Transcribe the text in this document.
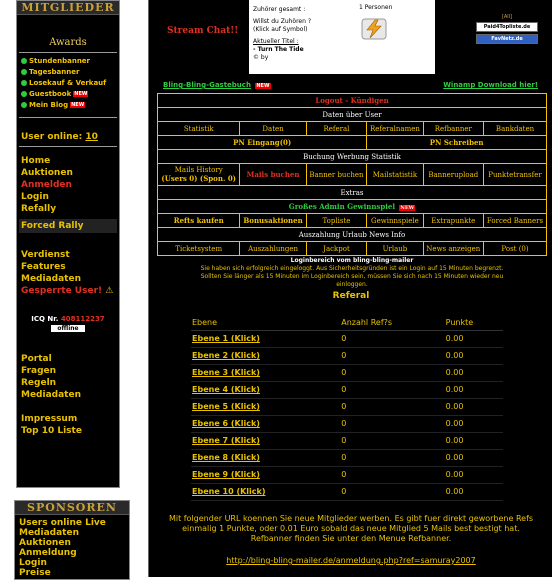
MITGLIEDER
Awards
Stundenbanner
Tagesbanner
Losekauf & Verkauf
Guestbook NEW
Mein Blog NEW
User online: 10
Home
Auktionen
Anmelden
Login
Refally
Forced Rally
Verdienst
Features
Mediadaten
Gesperrte User! ⚠
ICQ Nr. 408112237
offline
Portal
Fragen
Regeln
Mediadaten
Impressum
Top 10 Liste
SPONSOREN
Users online Live
Mediadaten
Auktionen
Anmeldung
Login
Preise
Stream Chat!!
Zuhörer gesamt :	1 Personen
Willst du Zuhören ?
(Klick auf Symbol)
Aktueller Titel :
- Turn The Tide
© by
[All]
Paid4Topliste.de
FavNetz.de
Bling-Bling-Gastebuch NEW	Winamp Download hier!
Logout - Kündigen					
Daten über User					
Statistik	Daten	Referal	Referalnamen	Refbanner	Bankdaten
PN Eingang(0)			PN Schreiben		
Buchung Werbung Statistik					

Mails History
(Users 0) (Spon. 0)	Mails buchen	Banner buchen	Mailstatistik	Bannerupload	Punktetransfer
Extras					
Großes Admin Gewinnspiel NEW					
Refts kaufen	Bonusaktionen	Topliste	Gewinnspiele	Extrapunkte	Forced Banners
Auszahlung Urlaub News Info					
Ticketsystem	Auszahlungen	Jackpot	Urlaub	News anzeigen	Post (0)
Loginbereich vom bling-bling-mailer
Sie haben sich erfolgreich eingeloggt. Aus Sicherheitsgründen ist ein Login auf 15 Minuten begrenzt.
Sollten Sie länger als 15 Minuten im Loginbereich sein, müssen Sie sich nach 15 Minuten wieder neu
einloggen.
Referal
Ebene	Anzahl Ref?s	Punkte
Ebene 1 (Klick)	0	0.00
Ebene 2 (Klick)	0	0.00
Ebene 3 (Klick)	0	0.00
Ebene 4 (Klick)	0	0.00
Ebene 5 (Klick)	0	0.00
Ebene 6 (Klick)	0	0.00
Ebene 7 (Klick)	0	0.00
Ebene 8 (Klick)	0	0.00
Ebene 9 (Klick)	0	0.00
Ebene 10 (Klick)	0	0.00
Mit folgender URL koennen Sie neue Mitglieder werben. Es gibt fuer direkt geworbene Refs
einmalig 1 Punkte, oder 0.01 Euro sobald das neue Mitglied 5 Mails best bestigt hat.
Refbanner finden Sie unter den Menue Refbanner.
http://bling-bling-mailer.de/anmeldung.php?ref=samuray2007
